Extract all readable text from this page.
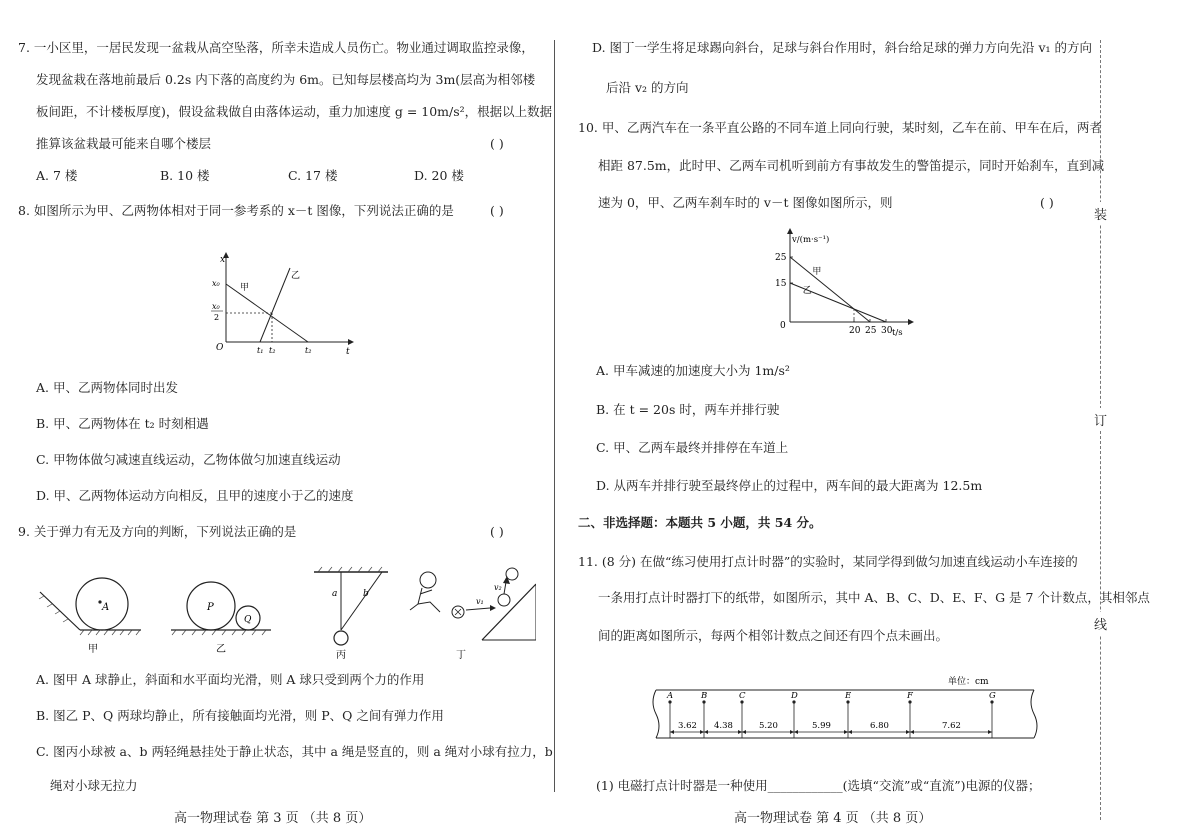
7. 一小区里，一居民发现一盆栽从高空坠落，所幸未造成人员伤亡。物业通过调取监控录像，
发现盆栽在落地前最后 0.2s 内下落的高度约为 6m。已知每层楼高均为 3m(层高为相邻楼
板间距，不计楼板厚度)，假设盆栽做自由落体运动，重力加速度 g = 10m/s²，根据以上数据
推算该盆栽最可能来自哪个楼层	( )
A. 7 楼	B. 10 楼	C. 17 楼	D. 20 楼
8. 如图所示为甲、乙两物体相对于同一参考系的 x－t 图像，下列说法正确的是	( )
x
t
x₀
x₀
2
O	t₁ t₂	t₂
甲
乙
A. 甲、乙两物体同时出发
B. 甲、乙两物体在 t₂ 时刻相遇
C. 甲物体做匀减速直线运动，乙物体做匀加速直线运动
D. 甲、乙两物体运动方向相反，且甲的速度小于乙的速度
9. 关于弹力有无及方向的判断，下列说法正确的是	( )
A	P
Q
a	b
v₁
v₂
甲	乙
丙	丁
A. 图甲 A 球静止，斜面和水平面均光滑，则 A 球只受到两个力的作用
B. 图乙 P、Q 两球均静止，所有接触面均光滑，则 P、Q 之间有弹力作用
C. 图丙小球被 a、b 两轻绳悬挂处于静止状态，其中 a 绳是竖直的，则 a 绳对小球有拉力，b
绳对小球无拉力
高一物理试卷 第 3 页 （共 8 页）
D. 图丁一学生将足球踢向斜台，足球与斜台作用时，斜台给足球的弹力方向先沿 v₁ 的方向
后沿 v₂ 的方向
10. 甲、乙两汽车在一条平直公路的不同车道上同向行驶，某时刻，乙车在前、甲车在后，两者
相距 87.5m，此时甲、乙两车司机听到前方有事故发生的警笛提示，同时开始刹车，直到减
速为 0，甲、乙两车刹车时的 v－t 图像如图所示，则	( )
v/(m·s⁻¹)
t/s
0
甲
乙
15
25
20 25 30
A. 甲车减速的加速度大小为 1m/s²
B. 在 t = 20s 时，两车并排行驶
C. 甲、乙两车最终并排停在车道上
D. 从两车并排行驶至最终停止的过程中，两车间的最大距离为 12.5m
二、非选择题：本题共 5 小题，共 54 分。
11. (8 分) 在做“练习使用打点计时器”的实验时，某同学得到做匀加速直线运动小车连接的
一条用打点计时器打下的纸带，如图所示，其中 A、B、C、D、E、F、G 是 7 个计数点，其相邻点
间的距离如图所示，每两个相邻计数点之间还有四个点未画出。
单位：cm
A	B	C	D	E	F	G
3.62 4.38	5.20	5.99	6.80	7.62
(1) 电磁打点计时器是一种使用____________(选填“交流”或“直流”)电源的仪器；
高一物理试卷 第 4 页 （共 8 页）
装
订
线
